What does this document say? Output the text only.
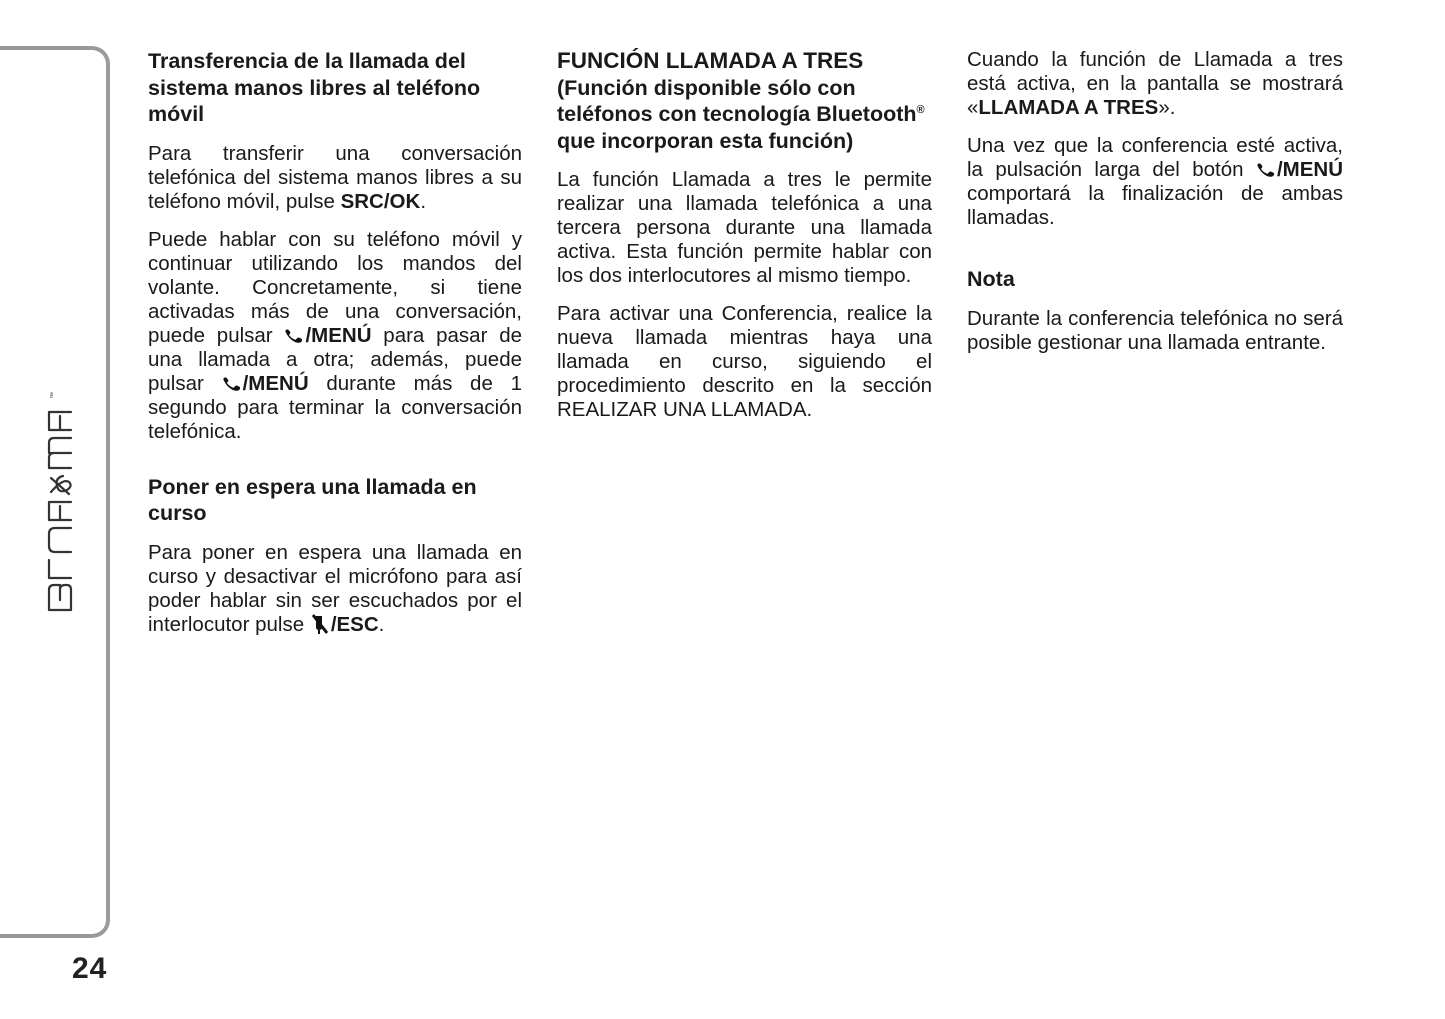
™
24
Transferencia de la llamada del sistema manos libres al teléfono móvil

Para transferir una conversación telefónica del sistema manos libres a su teléfono móvil, pulse SRC/OK.

Puede hablar con su teléfono móvil y continuar utilizando los mandos del volante. Concretamente, si tiene activadas más de una conversación, puede pulsar /MENÚ para pasar de una llamada a otra; además, puede pulsar /MENÚ durante más de 1 segundo para terminar la conversación telefónica.

Poner en espera una llamada en curso

Para poner en espera una llamada en curso y desactivar el micrófono para así poder hablar sin ser escuchados por el interlocutor pulse /ESC.

FUNCIÓN LLAMADA A TRES
(Función disponible sólo con teléfonos con tecnología Bluetooth® que incorporan esta función)

La función Llamada a tres le permite realizar una llamada telefónica a una tercera persona durante una llamada activa. Esta función permite hablar con los dos interlocutores al mismo tiempo.

Para activar una Conferencia, realice la nueva llamada mientras haya una llamada en curso, siguiendo el procedimiento descrito en la sección REALIZAR UNA LLAMADA.

Cuando la función de Llamada a tres está activa, en la pantalla se mostrará «LLAMADA A TRES».

Una vez que la conferencia esté activa, la pulsación larga del botón /MENÚ comportará la finalización de ambas llamadas.

Nota

Durante la conferencia telefónica no será posible gestionar una llamada entrante.
